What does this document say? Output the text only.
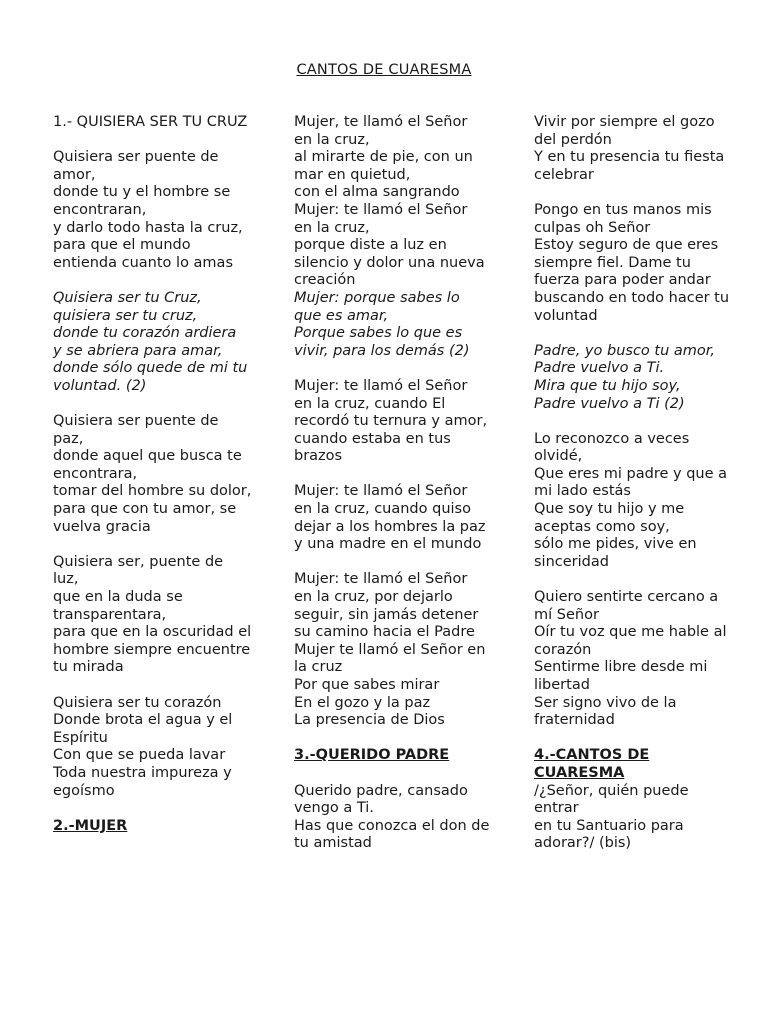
CANTOS DE CUARESMA
1.- QUISIERA SER TU CRUZ
Quisiera ser puente de amor,
donde tu y el hombre se encontraran,
y darlo todo hasta la cruz,
para que el mundo entienda cuanto lo amas
Quisiera ser tu Cruz,
quisiera ser tu cruz,
donde tu corazón ardiera
y se abriera para amar,
donde sólo quede de mi tu voluntad. (2)
Quisiera ser puente de paz,
donde aquel que busca te encontrara,
tomar del hombre su dolor,
para que con tu amor, se vuelva gracia
Quisiera ser, puente de luz,
que en la duda se transparentara,
para que en la oscuridad el hombre siempre encuentre tu mirada
Quisiera ser tu corazón
Donde brota el agua y el Espíritu
Con que se pueda lavar
Toda nuestra impureza y egoísmo
2.-MUJER
Mujer, te llamó el Señor en la cruz,
al mirarte de pie, con un mar en quietud,
con el alma sangrando
Mujer: te llamó el Señor en la cruz,
porque diste a luz en silencio y dolor una nueva creación
Mujer: porque sabes lo que es amar,
Porque sabes lo que es vivir, para los demás (2)
Mujer: te llamó el Señor en la cruz, cuando El recordó tu ternura y amor, cuando estaba en tus brazos
Mujer: te llamó el Señor en la cruz, cuando quiso dejar a los hombres la paz y una madre en el mundo
Mujer: te llamó el Señor en la cruz, por dejarlo seguir, sin jamás detener su camino hacia el Padre
Mujer te llamó el Señor en la cruz
Por que sabes mirar
En el gozo y la paz
La presencia de Dios
3.-QUERIDO PADRE
Querido padre, cansado vengo a Ti.
Has que conozca el don de tu amistad
Vivir por siempre el gozo del perdón
Y en tu presencia tu fiesta celebrar
Pongo en tus manos mis culpas oh Señor
Estoy seguro de que eres siempre fiel. Dame tu fuerza para poder andar buscando en todo hacer tu voluntad
Padre, yo busco tu amor,
Padre vuelvo a Ti.
Mira que tu hijo soy,
Padre vuelvo a Ti (2)
Lo reconozco a veces olvidé,
Que eres mi padre y que a mi lado estás
Que soy tu hijo y me aceptas como soy,
sólo me pides, vive en sinceridad
Quiero sentirte cercano a mí Señor
Oír tu voz que me hable al corazón
Sentirme libre desde mi libertad
Ser signo vivo de la fraternidad
4.-CANTOS DE CUARESMA
/¿Señor, quién puede entrar
en tu Santuario para adorar?/ (bis)
